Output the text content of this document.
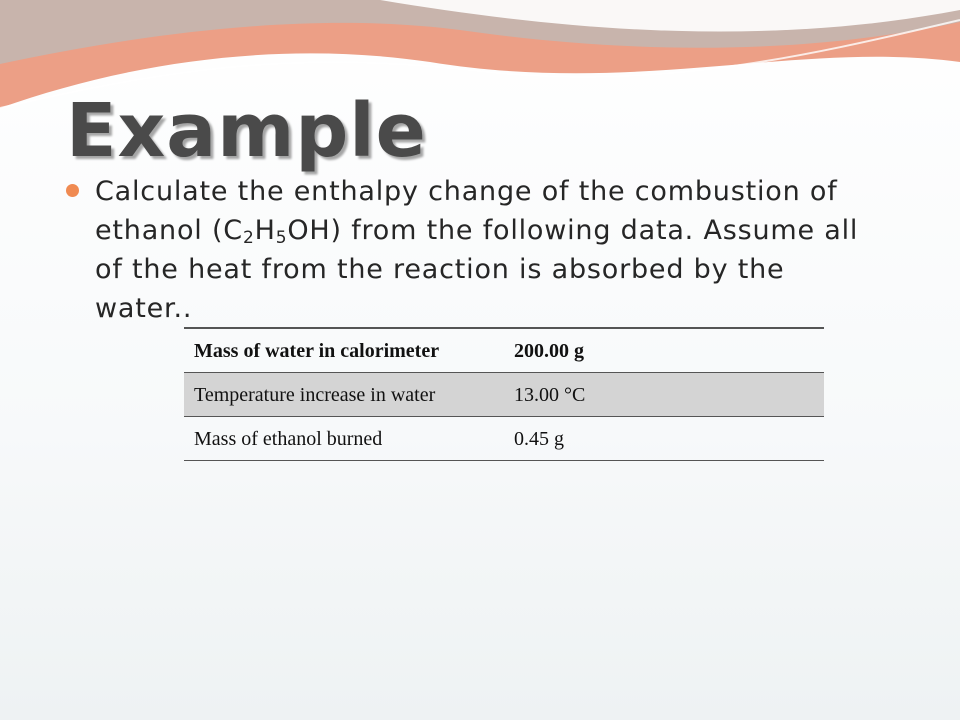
Example
Calculate the enthalpy change of the combustion of ethanol $(C_2H_5OH)$ from the following data. Assume all of the heat from the reaction is absorbed by the water..
Mass of water in calorimeter	200.00 g
Temperature increase in water	13.00 °C
Mass of ethanol burned	0.45 g
